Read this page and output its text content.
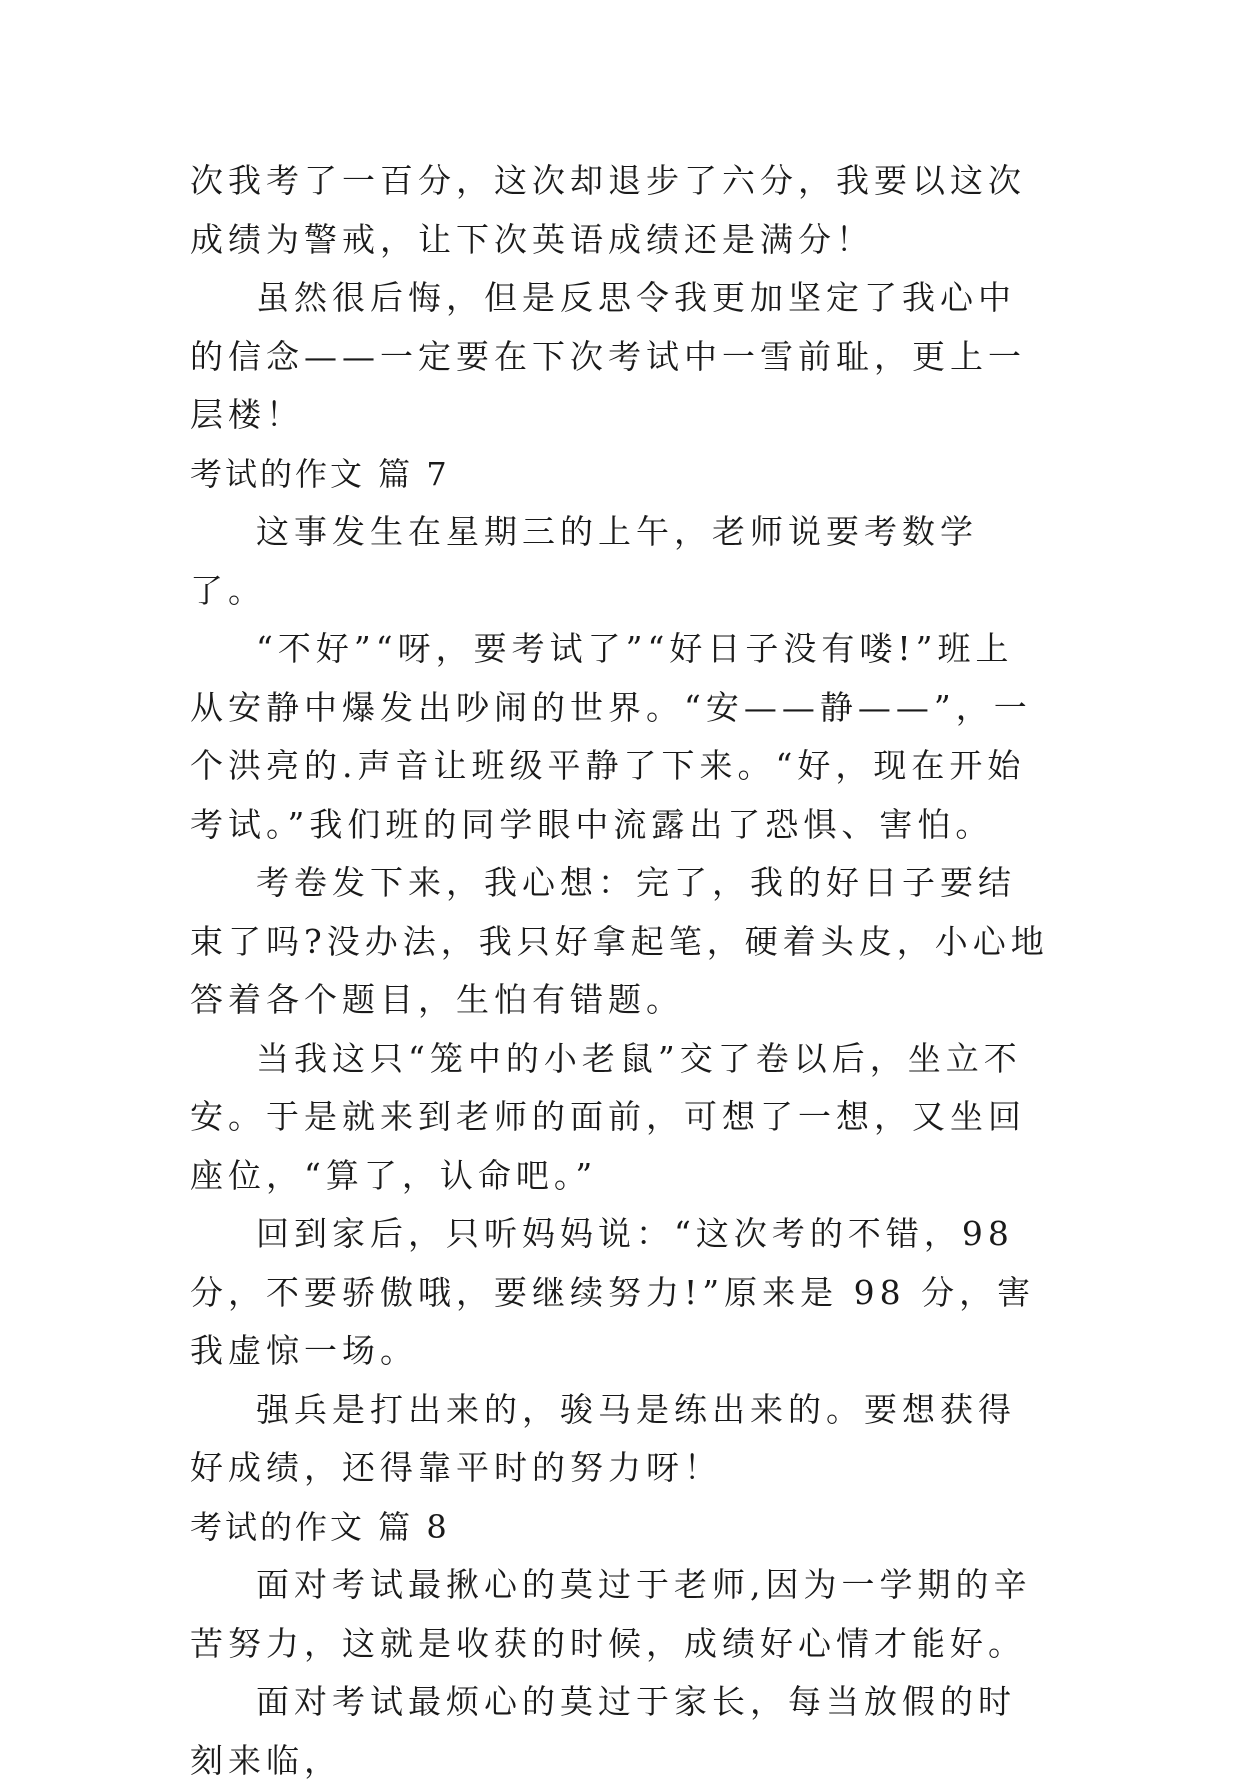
次我考了一百分，这次却退步了六分，我要以这次成绩为警戒，让下次英语成绩还是满分！

虽然很后悔，但是反思令我更加坚定了我心中的信念——一定要在下次考试中一雪前耻，更上一层楼！

考试的作文 篇 7

这事发生在星期三的上午，老师说要考数学了。

“不好”“呀，要考试了”“好日子没有喽!”班上从安静中爆发出吵闹的世界。“安——静——”，一个洪亮的.声音让班级平静了下来。“好，现在开始考试。”我们班的同学眼中流露出了恐惧、害怕。

考卷发下来，我心想：完了，我的好日子要结束了吗?没办法，我只好拿起笔，硬着头皮，小心地答着各个题目，生怕有错题。

当我这只“笼中的小老鼠”交了卷以后，坐立不安。于是就来到老师的面前，可想了一想，又坐回座位，“算了，认命吧。”

回到家后，只听妈妈说：“这次考的不错，98 分，不要骄傲哦，要继续努力!”原来是 98 分，害我虚惊一场。

强兵是打出来的，骏马是练出来的。要想获得好成绩，还得靠平时的努力呀！

考试的作文 篇 8

面对考试最揪心的莫过于老师,因为一学期的辛苦努力，这就是收获的时候，成绩好心情才能好。

面对考试最烦心的莫过于家长，每当放假的时刻来临，
